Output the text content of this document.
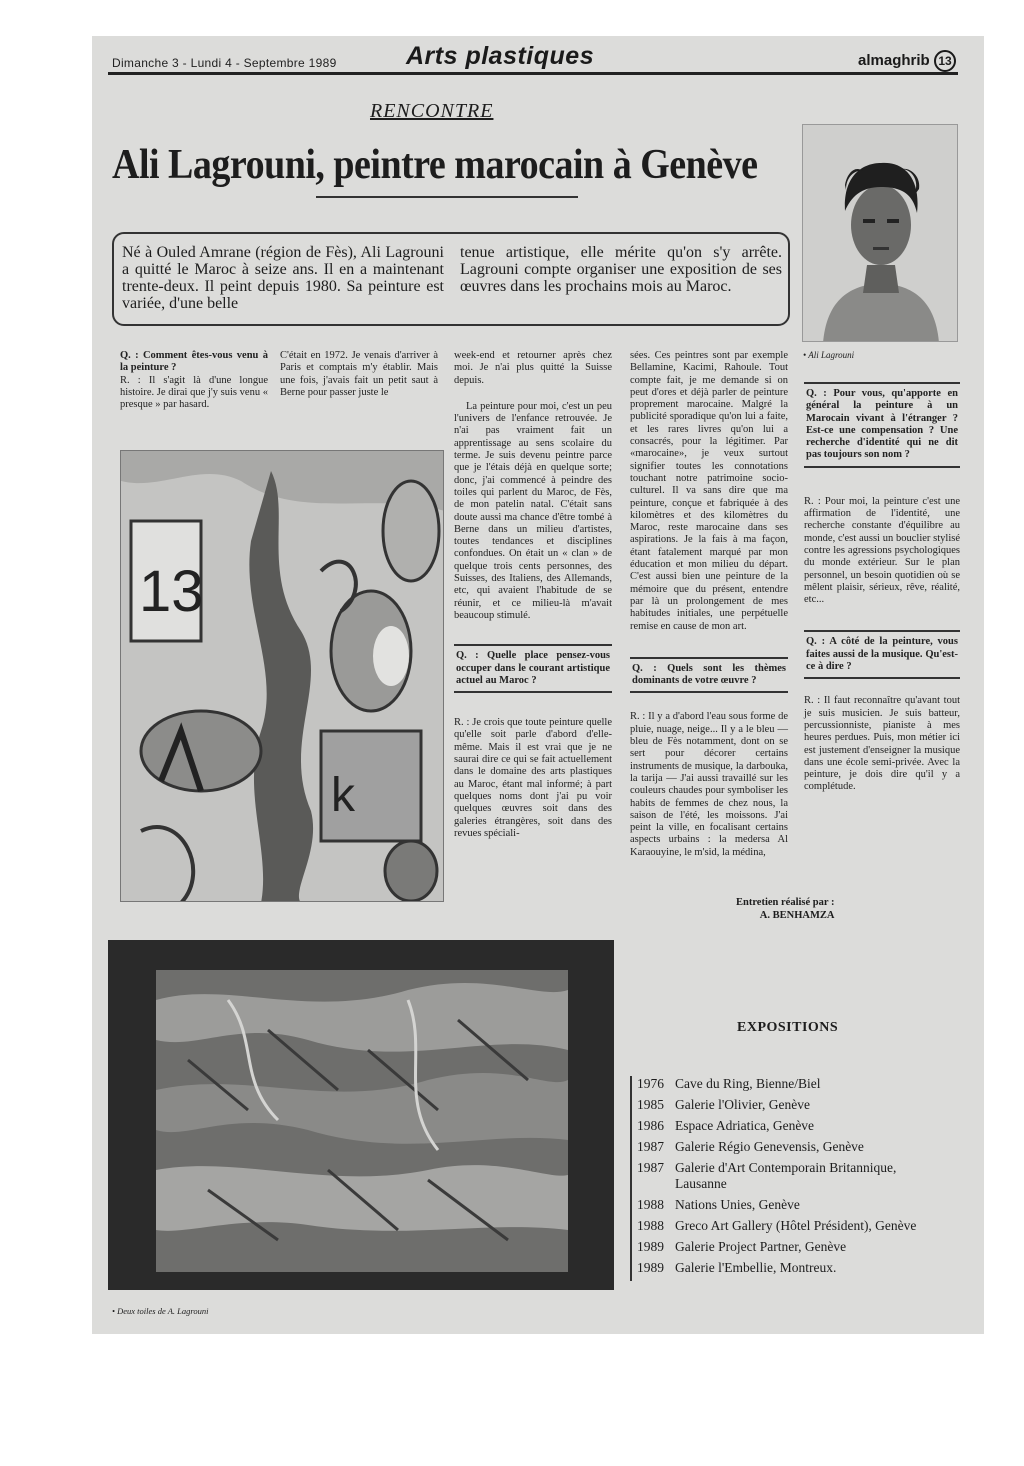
Dimanche 3 - Lundi 4 - Septembre 1989	Arts plastiques	almaghrib 13
RENCONTRE
Ali Lagrouni, peintre marocain à Genève
Né à Ouled Amrane (région de Fès), Ali Lagrouni a quitté le Maroc à seize ans. Il en a maintenant trente-deux. Il peint depuis 1980. Sa peinture est variée, d'une belle
tenue artistique, elle mérite qu'on s'y arrête. Lagrouni compte organiser une exposition de ses œuvres dans les prochains mois au Maroc.
• Ali Lagrouni

Q. : Comment êtes-vous venu à la peinture ?

R. : Il s'agit là d'une longue histoire. Je dirai que j'y suis venu « presque » par hasard.

C'était en 1972. Je venais d'arriver à Paris et comptais m'y établir. Mais une fois, j'avais fait un petit saut à Berne pour passer juste le

week-end et retourner après chez moi. Je n'ai plus quitté la Suisse depuis.

La peinture pour moi, c'est un peu l'univers de l'enfance retrouvée. Je n'ai pas vraiment fait un apprentissage au sens scolaire du terme. Je suis devenu peintre parce que je l'étais déjà en quelque sorte; donc, j'ai commencé à peindre des toiles qui parlent du Maroc, de Fès, de mon patelin natal. C'était sans doute aussi ma chance d'être tombé à Berne dans un milieu d'artistes, toutes tendances et disciplines confondues. On était un « clan » de quelque trois cents personnes, des Suisses, des Italiens, des Allemands, etc, qui avaient l'habitude de se réunir, et ce milieu-là m'avait beaucoup stimulé.

Q. : Quelle place pensez-vous occuper dans le courant artistique actuel au Maroc ?

R. : Je crois que toute peinture quelle qu'elle soit parle d'abord d'elle-même. Mais il est vrai que je ne saurai dire ce qui se fait actuellement dans le domaine des arts plastiques au Maroc, étant mal informé; à part quelques noms dont j'ai pu voir quelques œuvres soit dans des galeries étrangères, soit dans des revues spéciali-

sées. Ces peintres sont par exemple Bellamine, Kacimi, Rahoule. Tout compte fait, je me demande si on peut d'ores et déjà parler de peinture proprement marocaine. Malgré la publicité sporadique qu'on lui a faite, et les rares livres qu'on lui a consacrés, pour la légitimer. Par «marocaine», je veux surtout signifier toutes les connotations touchant notre patrimoine socio-culturel. Il va sans dire que ma peinture, conçue et fabriquée à des kilomètres et des kilomètres du Maroc, reste marocaine dans ses aspirations. Je la fais à ma façon, étant fatalement marqué par mon éducation et mon milieu du départ. C'est aussi bien une peinture de la mémoire que du présent, entendre par là un prolongement de mes habitudes initiales, une perpétuelle remise en cause de mon art.

Q. : Quels sont les thèmes dominants de votre œuvre ?

R. : Il y a d'abord l'eau sous forme de pluie, nuage, neige... Il y a le bleu — bleu de Fès notamment, dont on se sert pour décorer certains instruments de musique, la darbouka, la tarija — J'ai aussi travaillé sur les couleurs chaudes pour symboliser les habits de femmes de chez nous, la saison de l'été, les moissons. J'ai peint la ville, en focalisant certains aspects urbains : la medersa Al Karaouyine, le m'sid, la médina,

Q. : Pour vous, qu'apporte en général la peinture à un Marocain vivant à l'étranger ? Est-ce une compensation ? Une recherche d'identité qui ne dit pas toujours son nom ?

R. : Pour moi, la peinture c'est une affirmation de l'identité, une recherche constante d'équilibre au monde, c'est aussi un bouclier stylisé contre les agressions psychologiques du monde extérieur. Sur le plan personnel, un besoin quotidien où se mêlent plaisir, sérieux, rêve, réalité, etc...

Q. : A côté de la peinture, vous faites aussi de la musique. Qu'est-ce à dire ?

R. : Il faut reconnaître qu'avant tout je suis musicien. Je suis batteur, percussionniste, pianiste à mes heures perdues. Puis, mon métier ici est justement d'enseigner la musique dans une école semi-privée. Avec la peinture, je dois dire qu'il y a complétude.

13
k
• Deux toiles de A. Lagrouni
Entretien réalisé par :
A. BENHAMZA
EXPOSITIONS
1976 Cave du Ring, Bienne/Biel
1985 Galerie l'Olivier, Genève
1986 Espace Adriatica, Genève
1987 Galerie Régio Genevensis, Genève
1987 Galerie d'Art Contemporain Britannique, Lausanne
1988 Nations Unies, Genève
1988 Greco Art Gallery (Hôtel Président), Genève
1989 Galerie Project Partner, Genève
1989 Galerie l'Embellie, Montreux.
